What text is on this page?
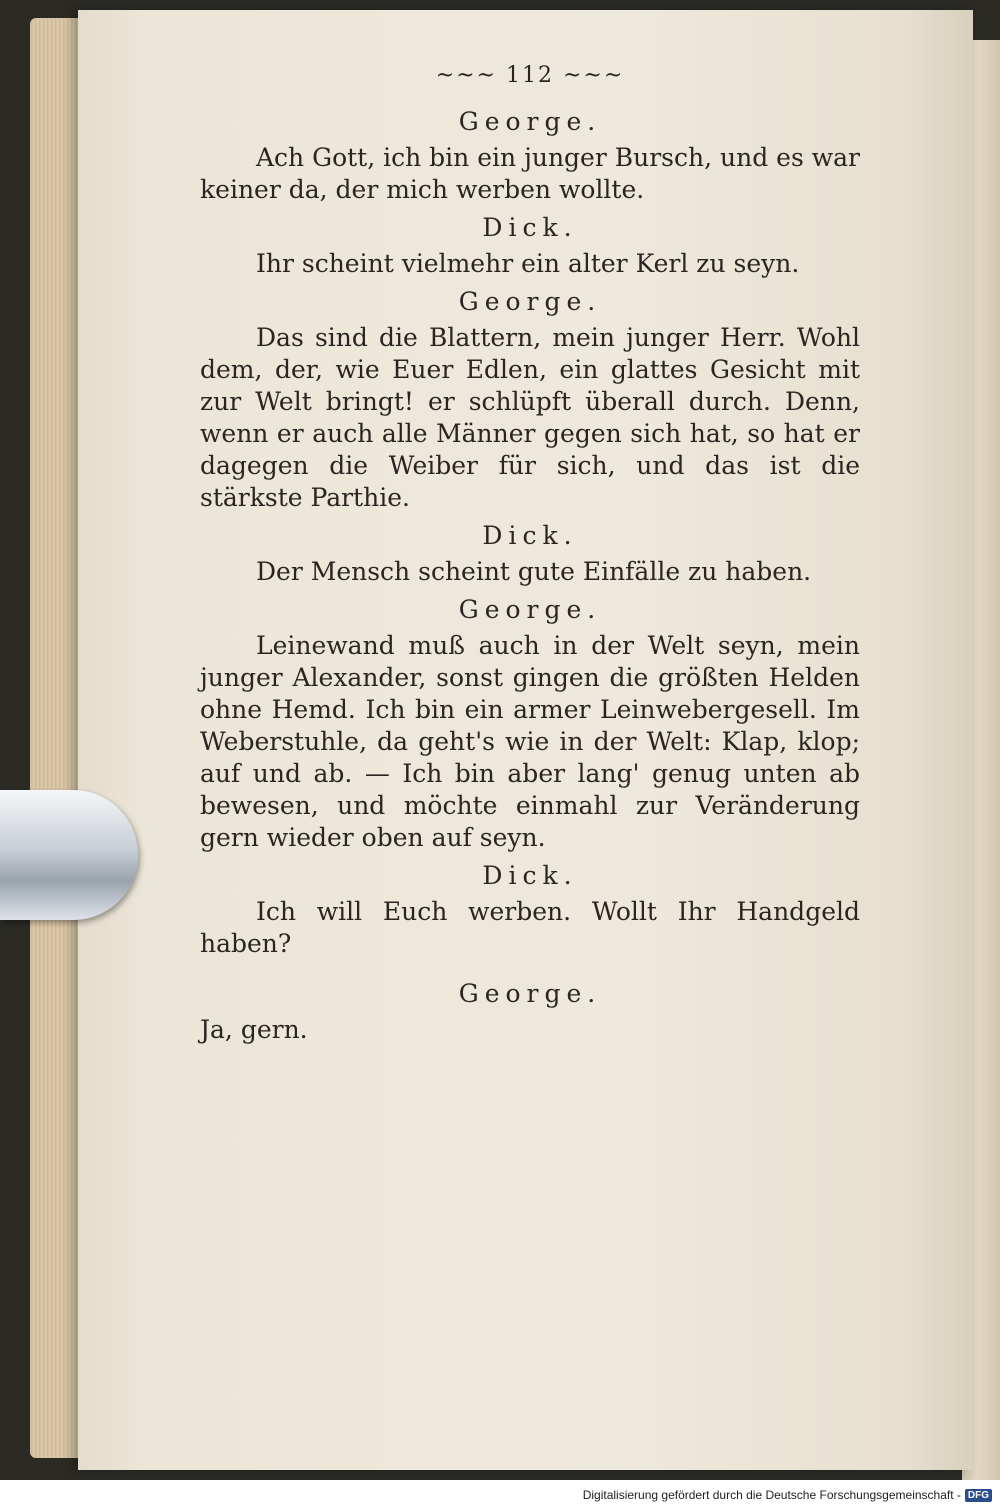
~~~ 112 ~~~
George.

Ach Gott, ich bin ein junger Bursch, und es war keiner da, der mich werben wollte.

Dick.

Ihr scheint vielmehr ein alter Kerl zu seyn.

George.

Das sind die Blattern, mein junger Herr. Wohl dem, der, wie Euer Edlen, ein glattes Gesicht mit zur Welt bringt! er schlüpft überall durch. Denn, wenn er auch alle Männer gegen sich hat, so hat er dagegen die Weiber für sich, und das ist die stärkste Parthie.

Dick.

Der Mensch scheint gute Einfälle zu haben.

George.

Leinewand muß auch in der Welt seyn, mein junger Alexander, sonst gingen die größten Helden ohne Hemd. Ich bin ein armer Leinwebergesell. Im Weberstuhle, da geht's wie in der Welt: Klap, klop; auf und ab. — Ich bin aber lang' genug unten ab bewesen, und möchte einmahl zur Veränderung gern wieder oben auf seyn.

Dick.

Ich will Euch werben. Wollt Ihr Handgeld haben?

George.

Ja, gern.

Digitalisierung gefördert durch die Deutsche Forschungsgemeinschaft - DFG
